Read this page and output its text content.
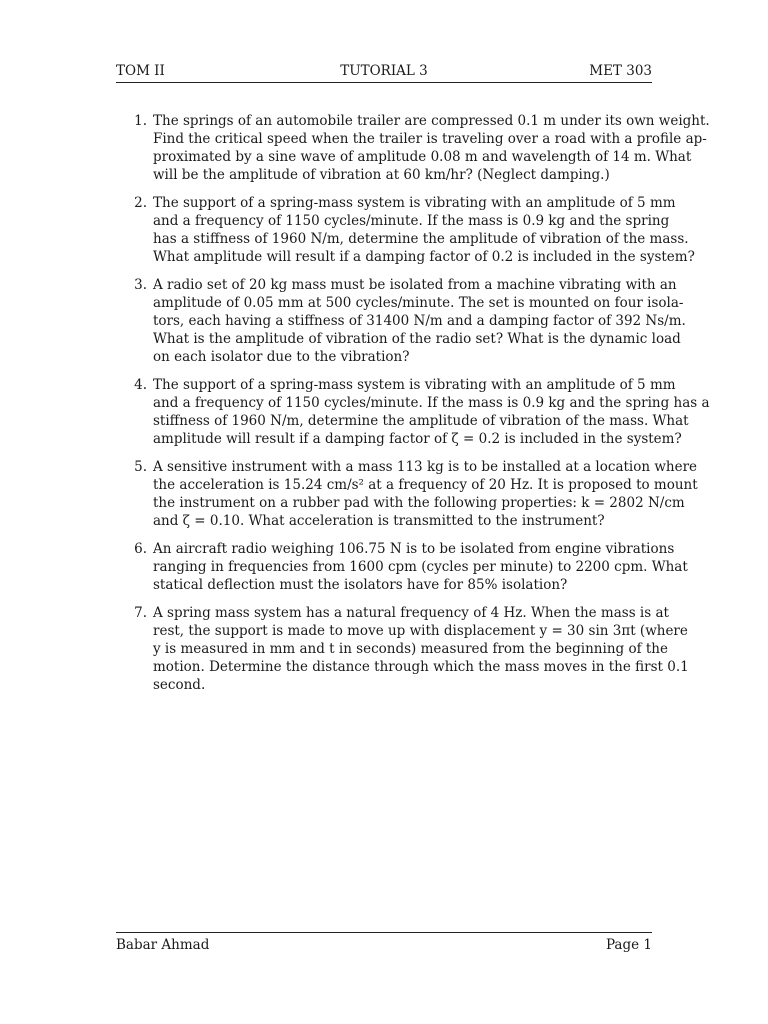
TOM II	TUTORIAL 3	MET 303
1. The springs of an automobile trailer are compressed 0.1 m under its own weight.
Find the critical speed when the trailer is traveling over a road with a profile ap-
proximated by a sine wave of amplitude 0.08 m and wavelength of 14 m. What
will be the amplitude of vibration at 60 km/hr? (Neglect damping.)
2. The support of a spring-mass system is vibrating with an amplitude of 5 mm
and a frequency of 1150 cycles/minute. If the mass is 0.9 kg and the spring
has a stiffness of 1960 N/m, determine the amplitude of vibration of the mass.
What amplitude will result if a damping factor of 0.2 is included in the system?
3. A radio set of 20 kg mass must be isolated from a machine vibrating with an
amplitude of 0.05 mm at 500 cycles/minute. The set is mounted on four isola-
tors, each having a stiffness of 31400 N/m and a damping factor of 392 Ns/m.
What is the amplitude of vibration of the radio set? What is the dynamic load
on each isolator due to the vibration?
4. The support of a spring-mass system is vibrating with an amplitude of 5 mm
and a frequency of 1150 cycles/minute. If the mass is 0.9 kg and the spring has a
stiffness of 1960 N/m, determine the amplitude of vibration of the mass. What
amplitude will result if a damping factor of ζ = 0.2 is included in the system?
5. A sensitive instrument with a mass 113 kg is to be installed at a location where
the acceleration is 15.24 cm/s² at a frequency of 20 Hz. It is proposed to mount
the instrument on a rubber pad with the following properties: k = 2802 N/cm
and ζ = 0.10. What acceleration is transmitted to the instrument?
6. An aircraft radio weighing 106.75 N is to be isolated from engine vibrations
ranging in frequencies from 1600 cpm (cycles per minute) to 2200 cpm. What
statical deflection must the isolators have for 85% isolation?
7. A spring mass system has a natural frequency of 4 Hz. When the mass is at
rest, the support is made to move up with displacement y = 30 sin 3πt (where
y is measured in mm and t in seconds) measured from the beginning of the
motion. Determine the distance through which the mass moves in the first 0.1
second.
Babar Ahmad	Page 1
